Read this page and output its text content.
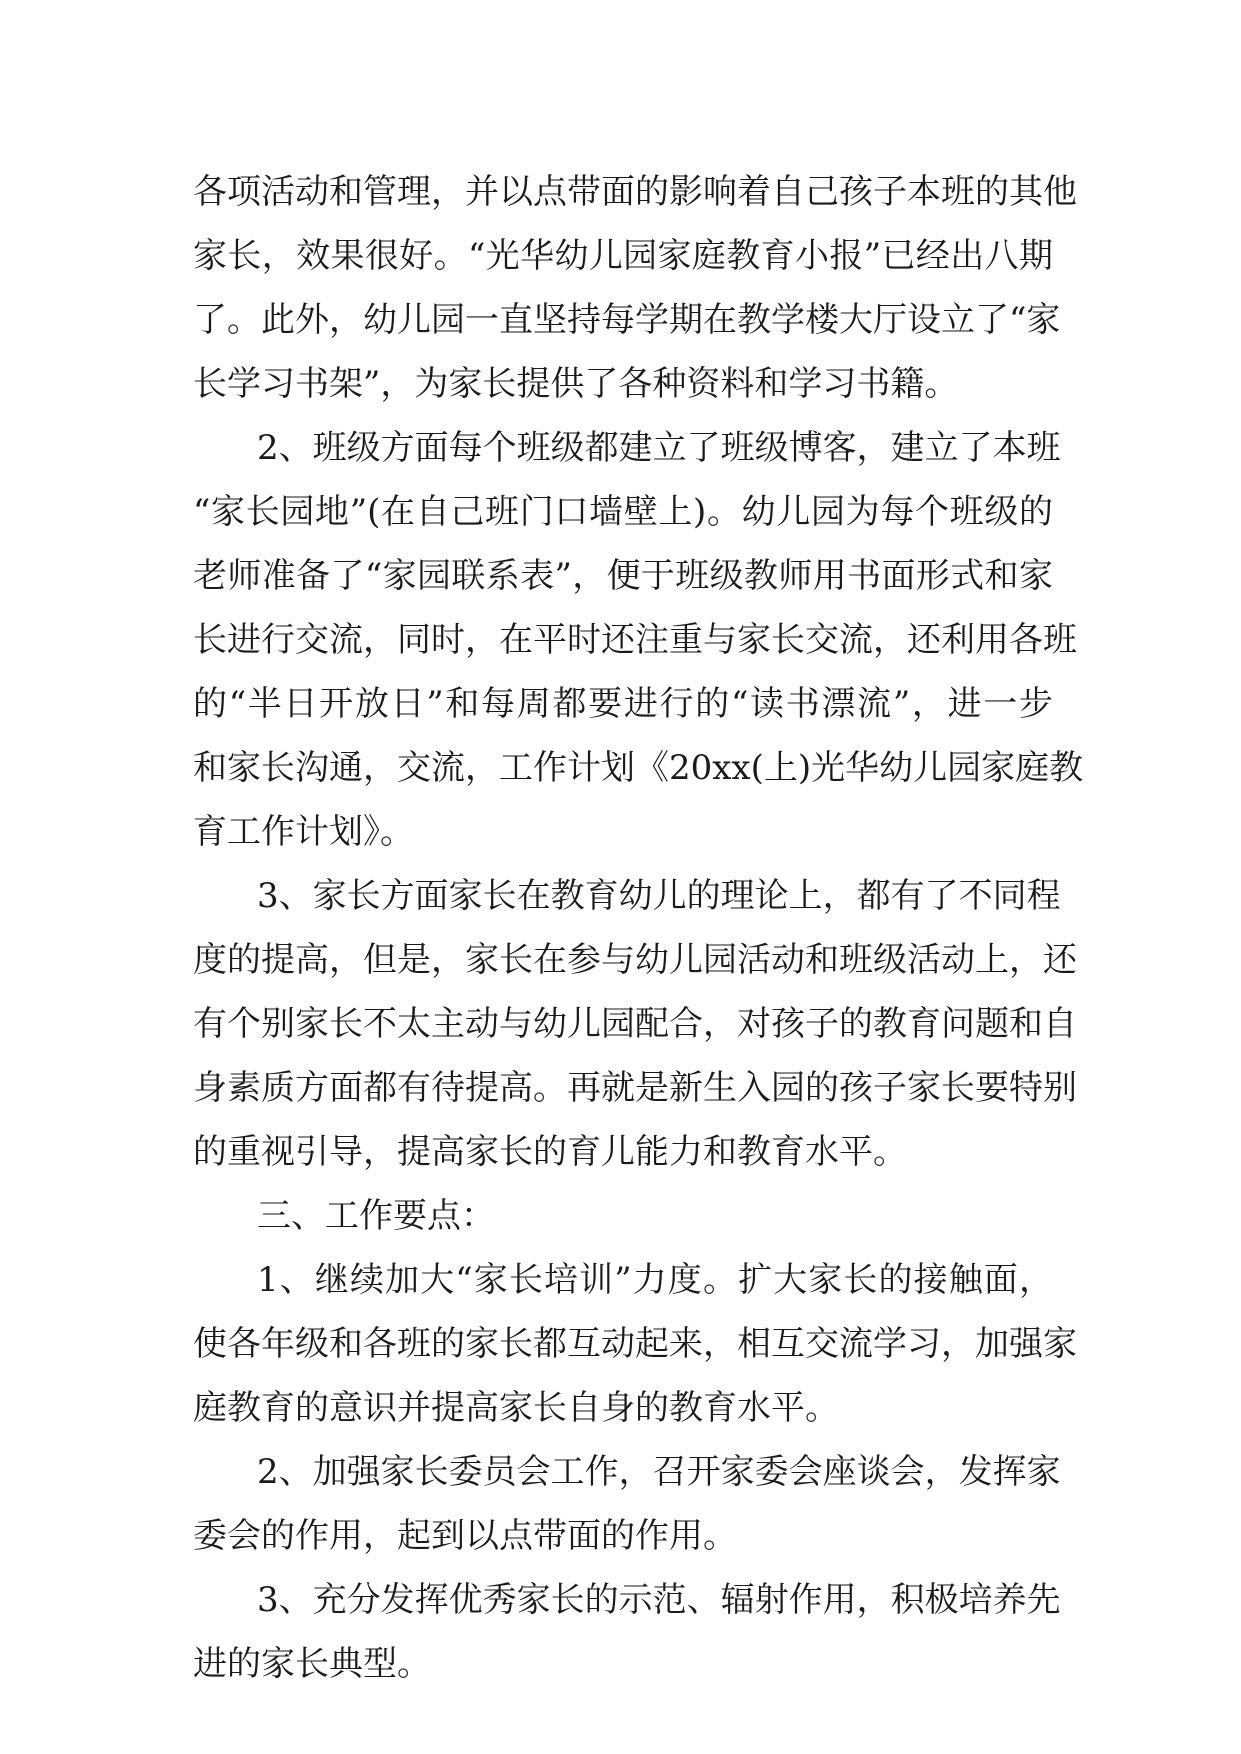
各项活动和管理，并以点带面的影响着自己孩子本班的其他
家长，效果很好。“光华幼儿园家庭教育小报”已经出八期
了。此外，幼儿园一直坚持每学期在教学楼大厅设立了“家
长学习书架”，为家长提供了各种资料和学习书籍。
2、班级方面每个班级都建立了班级博客，建立了本班
“家长园地”(在自己班门口墙壁上)。幼儿园为每个班级的
老师准备了“家园联系表”，便于班级教师用书面形式和家
长进行交流，同时，在平时还注重与家长交流，还利用各班
的“半日开放日”和每周都要进行的“读书漂流”，进一步
和家长沟通，交流，工作计划《20xx(上)光华幼儿园家庭教
育工作计划》。
3、家长方面家长在教育幼儿的理论上，都有了不同程
度的提高，但是，家长在参与幼儿园活动和班级活动上，还
有个别家长不太主动与幼儿园配合，对孩子的教育问题和自
身素质方面都有待提高。再就是新生入园的孩子家长要特别
的重视引导，提高家长的育儿能力和教育水平。
三、工作要点：
1、继续加大“家长培训”力度。扩大家长的接触面，
使各年级和各班的家长都互动起来，相互交流学习，加强家
庭教育的意识并提高家长自身的教育水平。
2、加强家长委员会工作，召开家委会座谈会，发挥家
委会的作用，起到以点带面的作用。
3、充分发挥优秀家长的示范、辐射作用，积极培养先
进的家长典型。
